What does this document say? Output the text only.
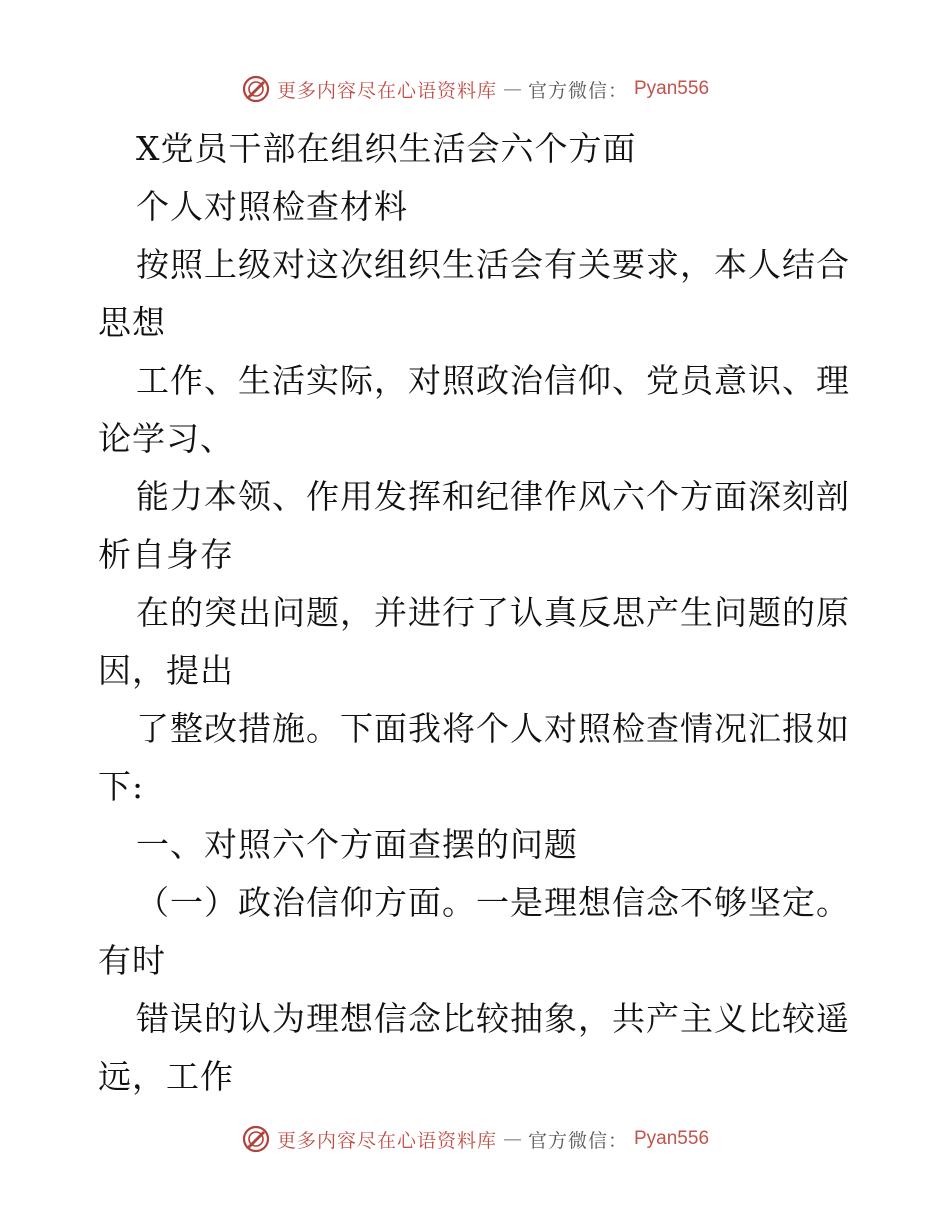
更多内容尽在心语资料库 — 官方微信： Pyan556
X党员干部在组织生活会六个方面
个人对照检查材料
按照上级对这次组织生活会有关要求，本人结合
思想
工作、生活实际，对照政治信仰、党员意识、理
论学习、
能力本领、作用发挥和纪律作风六个方面深刻剖
析自身存
在的突出问题，并进行了认真反思产生问题的原
因，提出
了整改措施。下面我将个人对照检查情况汇报如
下:
一、对照六个方面查摆的问题
（一）政治信仰方面。一是理想信念不够坚定。
有时
错误的认为理想信念比较抽象，共产主义比较遥
远，工作
更多内容尽在心语资料库 — 官方微信： Pyan556
